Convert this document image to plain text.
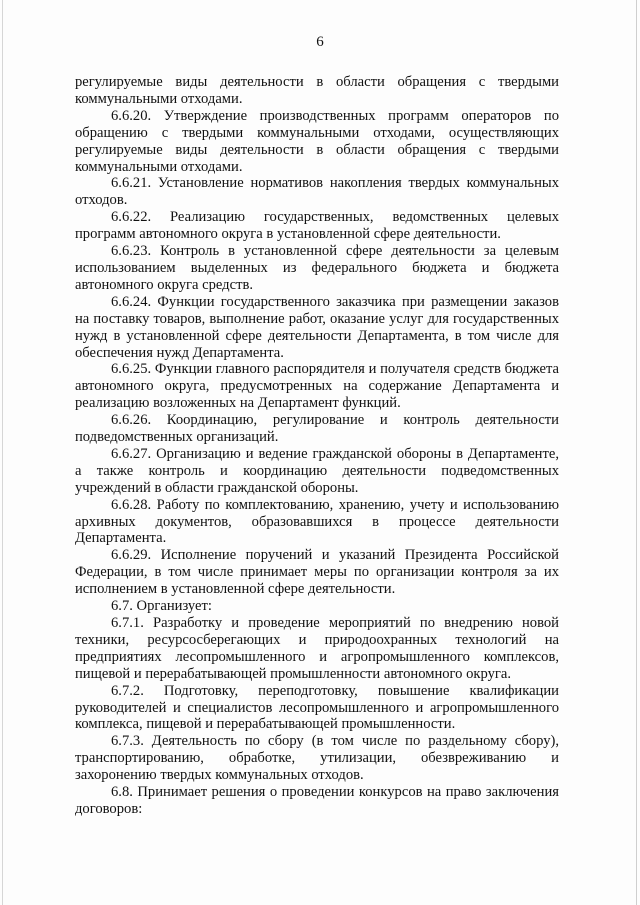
6

регулируемые виды деятельности в области обращения с твердыми коммунальными отходами.

6.6.20. Утверждение производственных программ операторов по обращению с твердыми коммунальными отходами, осуществляющих регулируемые виды деятельности в области обращения с твердыми коммунальными отходами.

6.6.21. Установление нормативов накопления твердых коммунальных отходов.

6.6.22. Реализацию государственных, ведомственных целевых программ автономного округа в установленной сфере деятельности.

6.6.23. Контроль в установленной сфере деятельности за целевым использованием выделенных из федерального бюджета и бюджета автономного округа средств.

6.6.24. Функции государственного заказчика при размещении заказов на поставку товаров, выполнение работ, оказание услуг для государственных нужд в установленной сфере деятельности Департамента, в том числе для обеспечения нужд Департамента.

6.6.25. Функции главного распорядителя и получателя средств бюджета автономного округа, предусмотренных на содержание Департамента и реализацию возложенных на Департамент функций.

6.6.26. Координацию, регулирование и контроль деятельности подведомственных организаций.

6.6.27. Организацию и ведение гражданской обороны в Департаменте, а также контроль и координацию деятельности подведомственных учреждений в области гражданской обороны.

6.6.28. Работу по комплектованию, хранению, учету и использованию архивных документов, образовавшихся в процессе деятельности Департамента.

6.6.29. Исполнение поручений и указаний Президента Российской Федерации, в том числе принимает меры по организации контроля за их исполнением в установленной сфере деятельности.

6.7. Организует:

6.7.1. Разработку и проведение мероприятий по внедрению новой техники, ресурсосберегающих и природоохранных технологий на предприятиях лесопромышленного и агропромышленного комплексов, пищевой и перерабатывающей промышленности автономного округа.

6.7.2. Подготовку, переподготовку, повышение квалификации руководителей и специалистов лесопромышленного и агропромышленного комплекса, пищевой и перерабатывающей промышленности.

6.7.3. Деятельность по сбору (в том числе по раздельному сбору), транспортированию, обработке, утилизации, обезвреживанию и захоронению твердых коммунальных отходов.

6.8. Принимает решения о проведении конкурсов на право заключения договоров:
